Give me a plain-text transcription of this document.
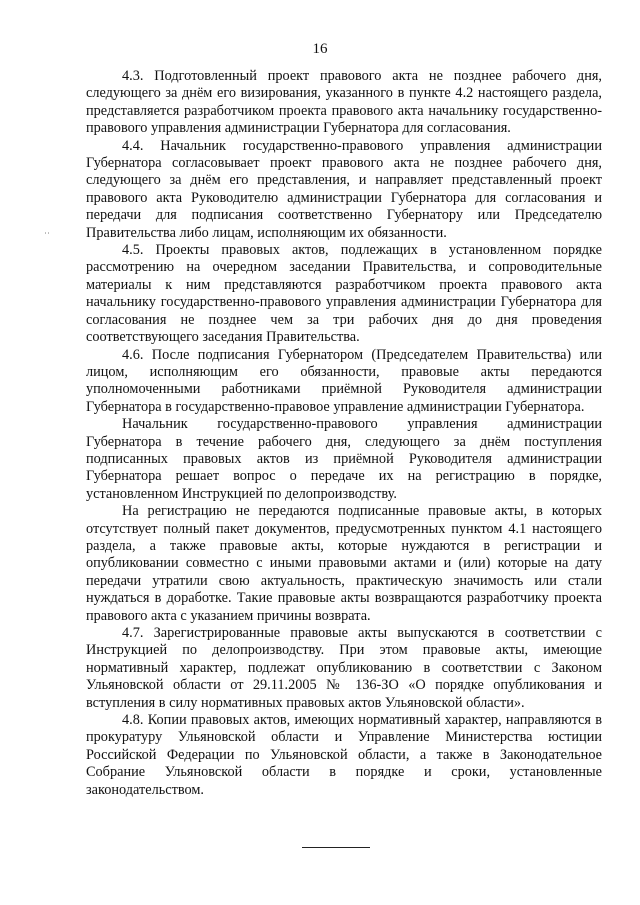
16
˙˙

4.3. Подготовленный проект правового акта не позднее рабочего дня, следующего за днём его визирования, указанного в пункте 4.2 настоящего раздела, представляется разработчиком проекта правового акта начальнику государственно-правового управления администрации Губернатора для согласования.

4.4. Начальник государственно-правового управления администрации Губернатора согласовывает проект правового акта не позднее рабочего дня, следующего за днём его представления, и направляет представленный проект правового акта Руководителю администрации Губернатора для согласования и передачи для подписания соответственно Губернатору или Председателю Правительства либо лицам, исполняющим их обязанности.

4.5. Проекты правовых актов, подлежащих в установленном порядке рассмотрению на очередном заседании Правительства, и сопроводительные материалы к ним представляются разработчиком проекта правового акта начальнику государственно-правового управления администрации Губернатора для согласования не позднее чем за три рабочих дня до дня проведения соответствующего заседания Правительства.

4.6. После подписания Губернатором (Председателем Правительства) или лицом, исполняющим его обязанности, правовые акты передаются уполномоченными работниками приёмной Руководителя администрации Губернатора в государственно-правовое управление администрации Губернатора.

Начальник государственно-правового управления администрации Губернатора в течение рабочего дня, следующего за днём поступления подписанных правовых актов из приёмной Руководителя администрации Губернатора решает вопрос о передаче их на регистрацию в порядке, установленном Инструкцией по делопроизводству.

На регистрацию не передаются подписанные правовые акты, в которых отсутствует полный пакет документов, предусмотренных пунктом 4.1 настоящего раздела, а также правовые акты, которые нуждаются в регистрации и опубликовании совместно с иными правовыми актами и (или) которые на дату передачи утратили свою актуальность, практическую значимость или стали нуждаться в доработке. Такие правовые акты возвращаются разработчику проекта правового акта с указанием причины возврата.

4.7. Зарегистрированные правовые акты выпускаются в соответствии с Инструкцией по делопроизводству. При этом правовые акты, имеющие нормативный характер, подлежат опубликованию в соответствии с Законом Ульяновской области от 29.11.2005 № 136-ЗО «О порядке опубликования и вступления в силу нормативных правовых актов Ульяновской области».

4.8. Копии правовых актов, имеющих нормативный характер, направляются в прокуратуру Ульяновской области и Управление Министерства юстиции Российской Федерации по Ульяновской области, а также в Законодательное Собрание Ульяновской области в порядке и сроки, установленные законодательством.
